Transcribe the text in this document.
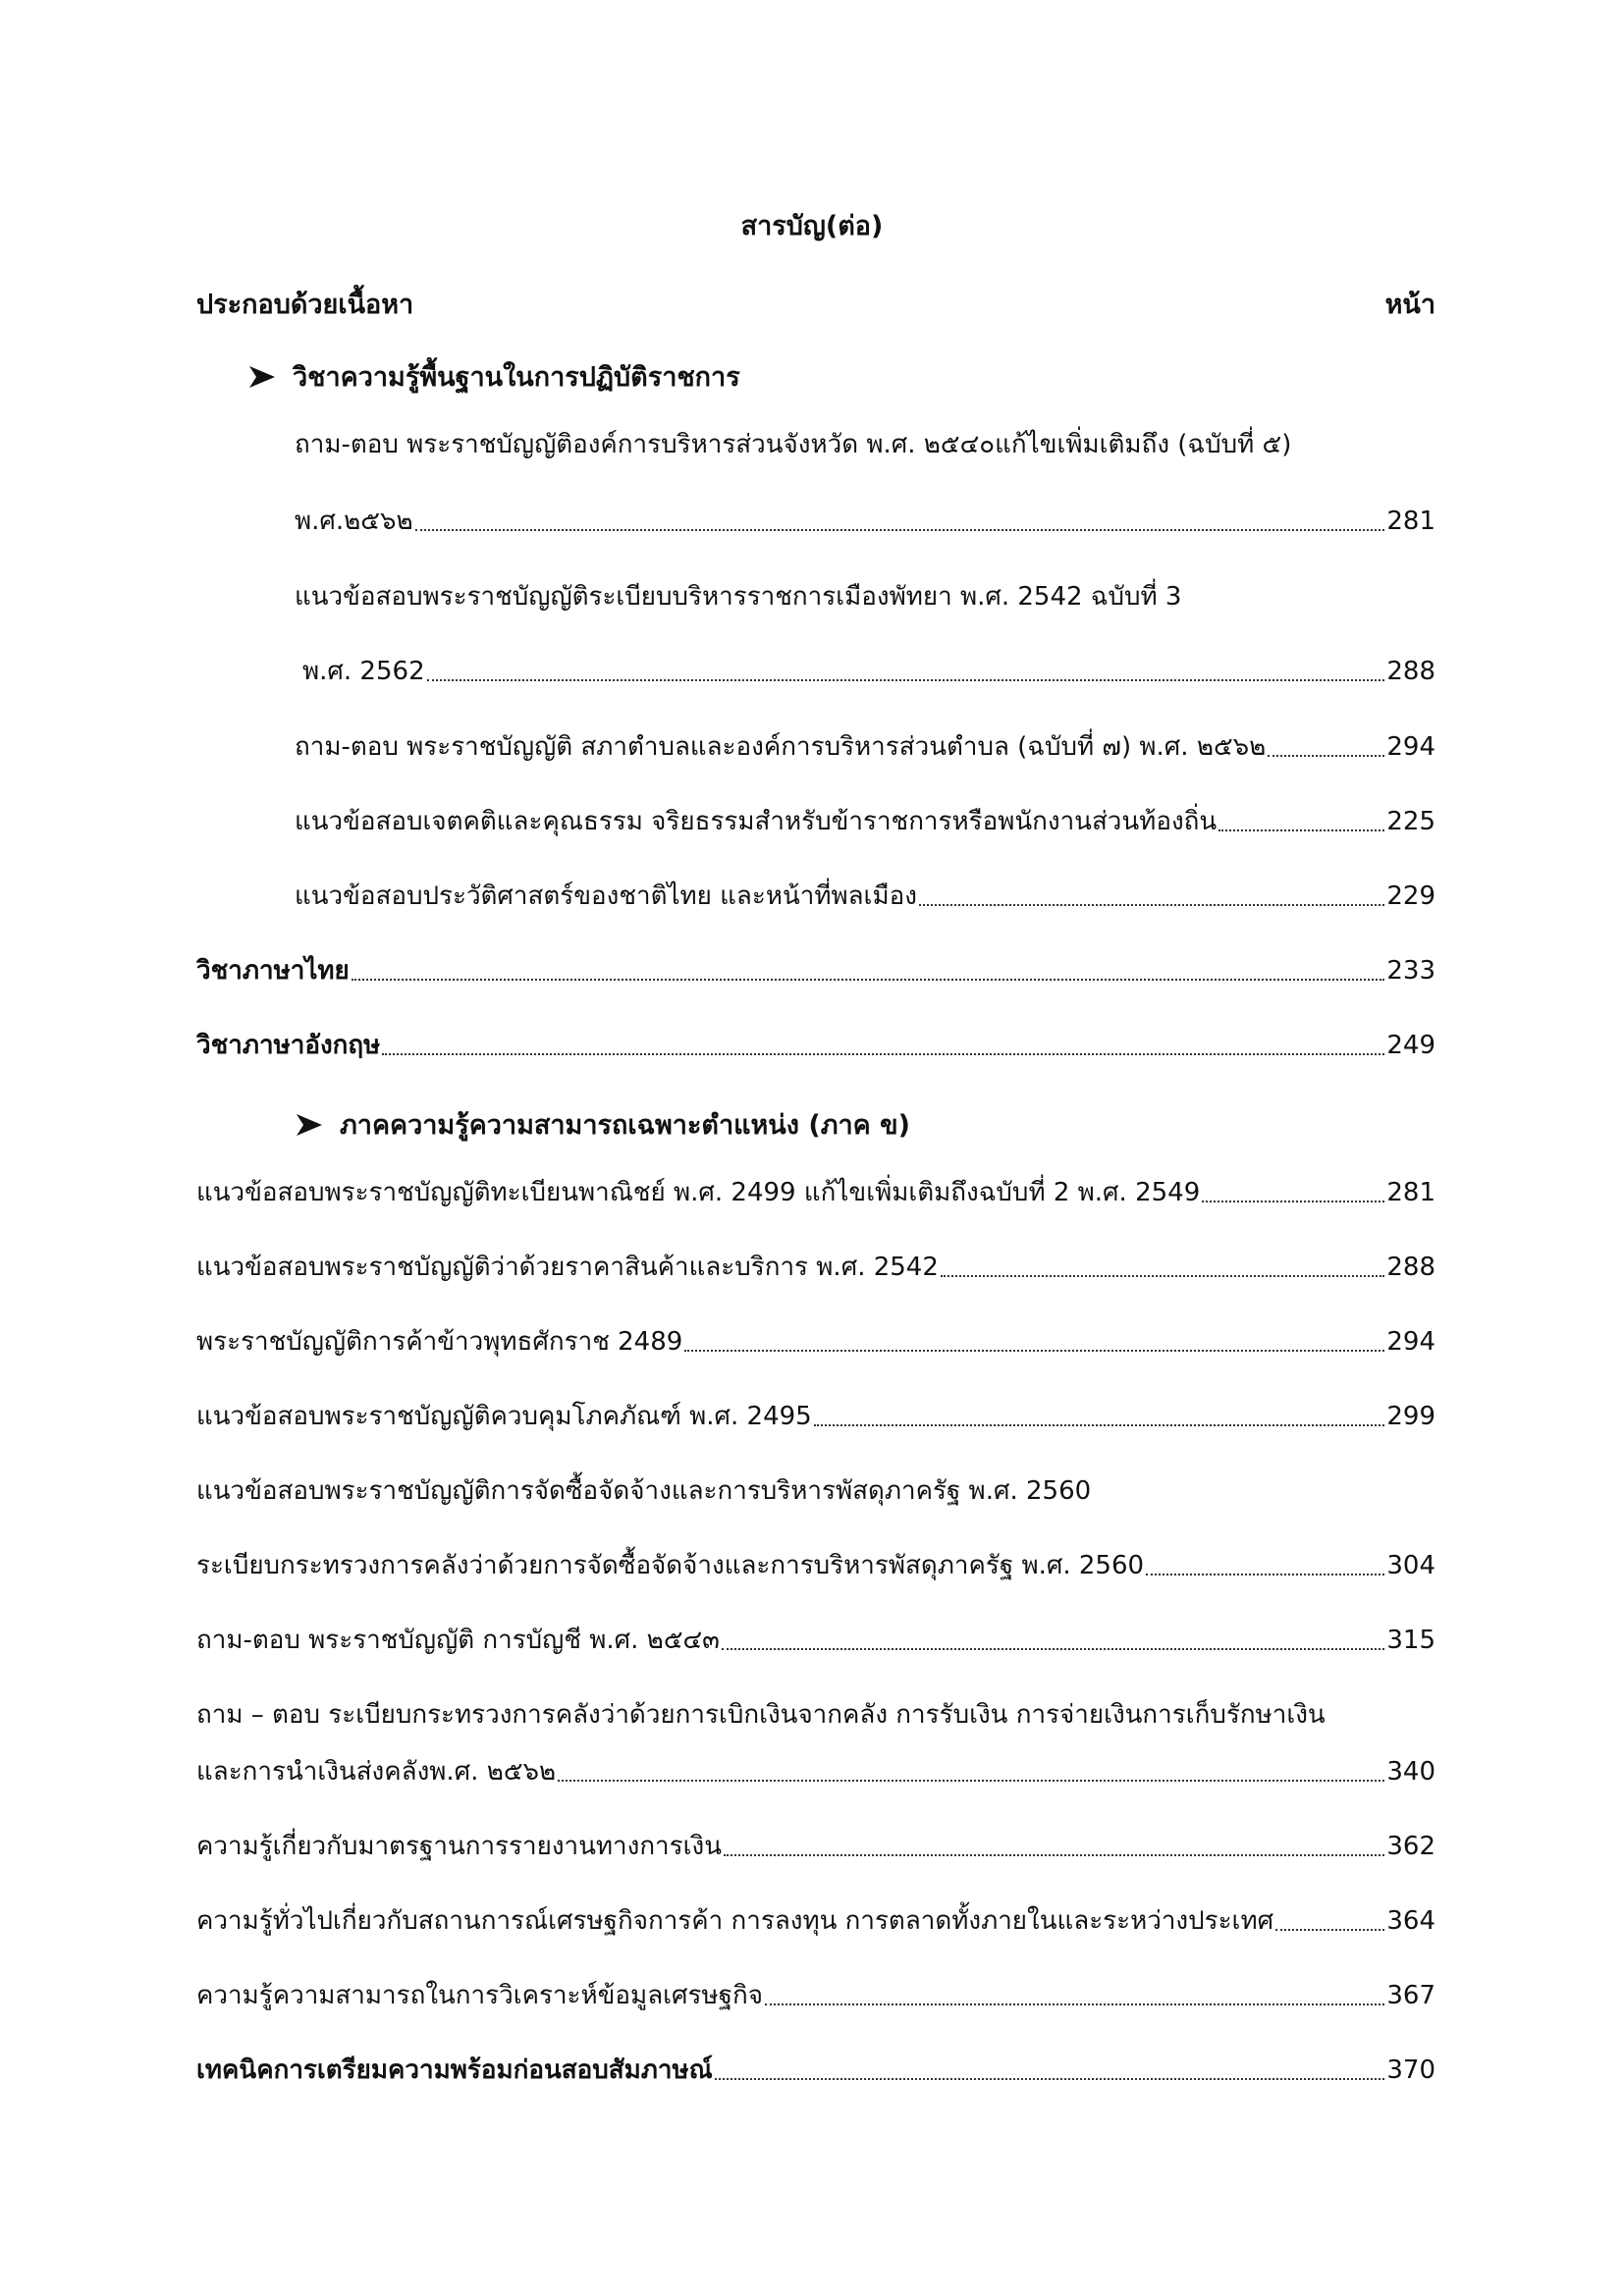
สารบัญ(ต่อ)
ประกอบด้วยเนื้อหา	หน้า
วิชาความรู้พื้นฐานในการปฏิบัติราชการ
ถาม-ตอบ พระราชบัญญัติองค์การบริหารส่วนจังหวัด พ.ศ. ๒๕๔๐แก้ไขเพิ่มเติมถึง (ฉบับที่ ๕)
พ.ศ.๒๕๖๒	281
แนวข้อสอบพระราชบัญญัติระเบียบบริหารราชการเมืองพัทยา พ.ศ. 2542 ฉบับที่ 3
พ.ศ. 2562	288
ถาม-ตอบ พระราชบัญญัติ สภาตำบลและองค์การบริหารส่วนตำบล (ฉบับที่ ๗) พ.ศ. ๒๕๖๒	294
แนวข้อสอบเจตคติและคุณธรรม จริยธรรมสำหรับข้าราชการหรือพนักงานส่วนท้องถิ่น	225
แนวข้อสอบประวัติศาสตร์ของชาติไทย และหน้าที่พลเมือง	229
วิชาภาษาไทย	233
วิชาภาษาอังกฤษ	249
ภาคความรู้ความสามารถเฉพาะตำแหน่ง (ภาค ข)
แนวข้อสอบพระราชบัญญัติทะเบียนพาณิชย์ พ.ศ. 2499 แก้ไขเพิ่มเติมถึงฉบับที่ 2 พ.ศ. 2549	281
แนวข้อสอบพระราชบัญญัติว่าด้วยราคาสินค้าและบริการ พ.ศ. 2542	288
พระราชบัญญัติการค้าข้าวพุทธศักราช 2489	294
แนวข้อสอบพระราชบัญญัติควบคุมโภคภัณฑ์ พ.ศ. 2495	299
แนวข้อสอบพระราชบัญญัติการจัดซื้อจัดจ้างและการบริหารพัสดุภาครัฐ พ.ศ. 2560
ระเบียบกระทรวงการคลังว่าด้วยการจัดซื้อจัดจ้างและการบริหารพัสดุภาครัฐ พ.ศ. 2560	304
ถาม-ตอบ พระราชบัญญัติ การบัญชี พ.ศ. ๒๕๔๓	315
ถาม – ตอบ ระเบียบกระทรวงการคลังว่าด้วยการเบิกเงินจากคลัง การรับเงิน การจ่ายเงินการเก็บรักษาเงิน
และการนำเงินส่งคลังพ.ศ. ๒๕๖๒	340
ความรู้เกี่ยวกับมาตรฐานการรายงานทางการเงิน	362
ความรู้ทั่วไปเกี่ยวกับสถานการณ์เศรษฐกิจการค้า การลงทุน การตลาดทั้งภายในและระหว่างประเทศ	364
ความรู้ความสามารถในการวิเคราะห์ข้อมูลเศรษฐกิจ	367
เทคนิคการเตรียมความพร้อมก่อนสอบสัมภาษณ์	370
